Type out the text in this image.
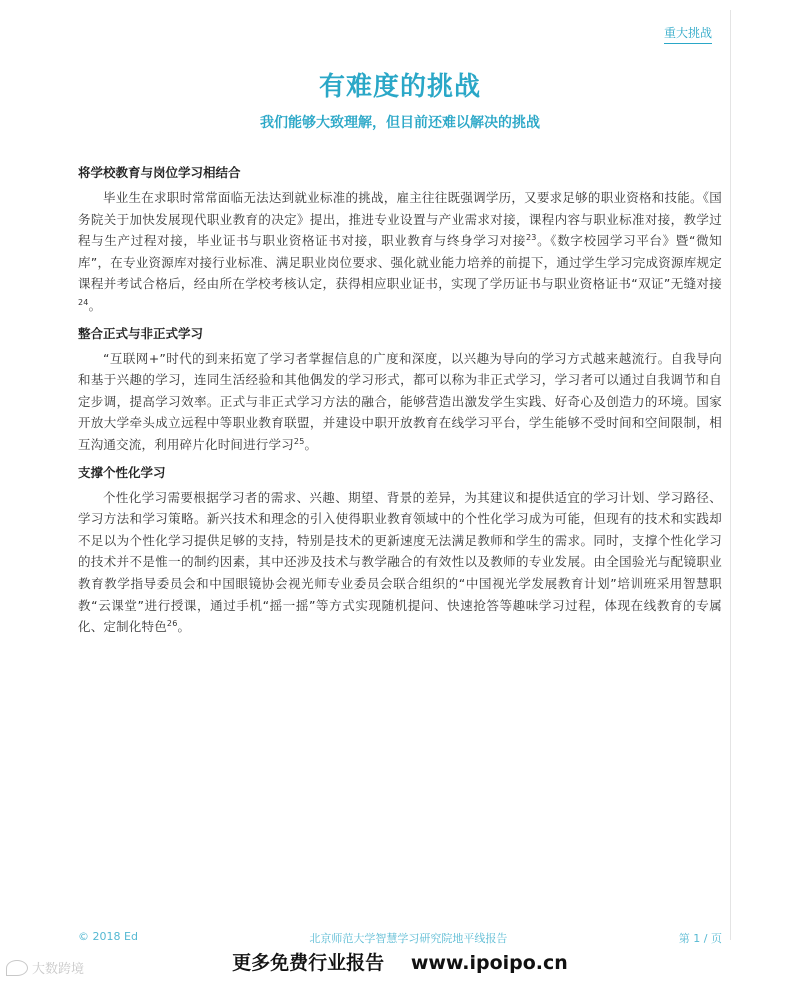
重大挑战
有难度的挑战
我们能够大致理解，但目前还难以解决的挑战
将学校教育与岗位学习相结合

毕业生在求职时常常面临无法达到就业标准的挑战，雇主往往既强调学历，又要求足够的职业资格和技能。《国务院关于加快发展现代职业教育的决定》提出，推进专业设置与产业需求对接，课程内容与职业标准对接，教学过程与生产过程对接，毕业证书与职业资格证书对接，职业教育与终身学习对接$^{23}$。《数字校园学习平台》暨“微知库”，在专业资源库对接行业标准、满足职业岗位要求、强化就业能力培养的前提下，通过学生学习完成资源库规定课程并考试合格后，经由所在学校考核认定，获得相应职业证书，实现了学历证书与职业资格证书“双证”无缝对接$^{24}$。

整合正式与非正式学习

“互联网+”时代的到来拓宽了学习者掌握信息的广度和深度，以兴趣为导向的学习方式越来越流行。自我导向和基于兴趣的学习，连同生活经验和其他偶发的学习形式，都可以称为非正式学习，学习者可以通过自我调节和自定步调，提高学习效率。正式与非正式学习方法的融合，能够营造出激发学生实践、好奇心及创造力的环境。国家开放大学牵头成立远程中等职业教育联盟，并建设中职开放教育在线学习平台，学生能够不受时间和空间限制，相互沟通交流，利用碎片化时间进行学习$^{25}$。

支撑个性化学习

个性化学习需要根据学习者的需求、兴趣、期望、背景的差异，为其建议和提供适宜的学习计划、学习路径、学习方法和学习策略。新兴技术和理念的引入使得职业教育领域中的个性化学习成为可能，但现有的技术和实践却不足以为个性化学习提供足够的支持，特别是技术的更新速度无法满足教师和学生的需求。同时，支撑个性化学习的技术并不是惟一的制约因素，其中还涉及技术与教学融合的有效性以及教师的专业发展。由全国验光与配镜职业教育教学指导委员会和中国眼镜协会视光师专业委员会联合组织的“中国视光学发展教育计划”培训班采用智慧职教“云课堂”进行授课，通过手机“摇一摇”等方式实现随机提问、快速抢答等趣味学习过程，体现在线教育的专属化、定制化特色$^{26}$。

© 2018 Ed	北京师范大学智慧学习研究院地平线报告	第 1 / 页
更多免费行业报告 www.ipoipo.cn
大数跨境
